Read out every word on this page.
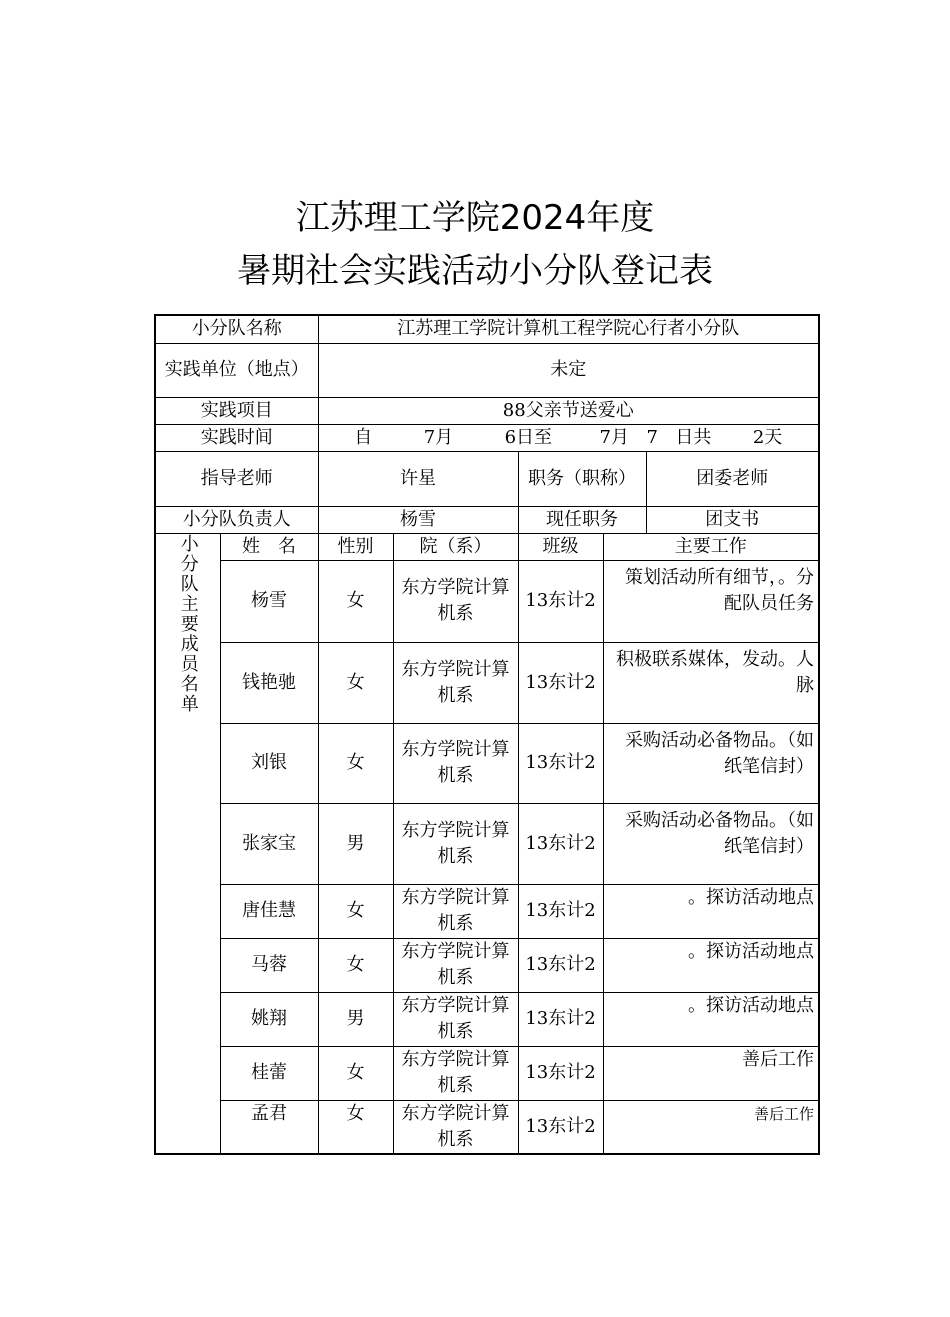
江苏理工学院2024年度
暑期社会实践活动小分队登记表
小分队名称		江苏理工学院计算机工程学院心行者小分队				
实践单位（地点）		未定				
实践项目		88父亲节送爱心				
实践时间		自 7月 6日至 7月 7 日共 2天				
指导老师		许星		职务（职称）		团委老师
小分队负责人		杨雪		现任职务		团支书

小分队主要成员名单	姓　名	性别	院（系）	班级	主要工作	
	杨雪	女	东方学院计算机系	13东计2	策划活动所有细节，。分配队员任务	
	钱艳驰	女	东方学院计算机系	13东计2	积极联系媒体，发动。人脉	
	刘银	女	东方学院计算机系	13东计2	采购活动必备物品。（如纸笔信封）	
	张家宝	男	东方学院计算机系	13东计2	采购活动必备物品。（如纸笔信封）	
	唐佳慧	女	东方学院计算机系	13东计2	。探访活动地点	
	马蓉	女	东方学院计算机系	13东计2	。探访活动地点	
	姚翔	男	东方学院计算机系	13东计2	。探访活动地点	
	桂蕾	女	东方学院计算机系	13东计2	善后工作	
	孟君	女	东方学院计算机系	13东计2	善后工作	
